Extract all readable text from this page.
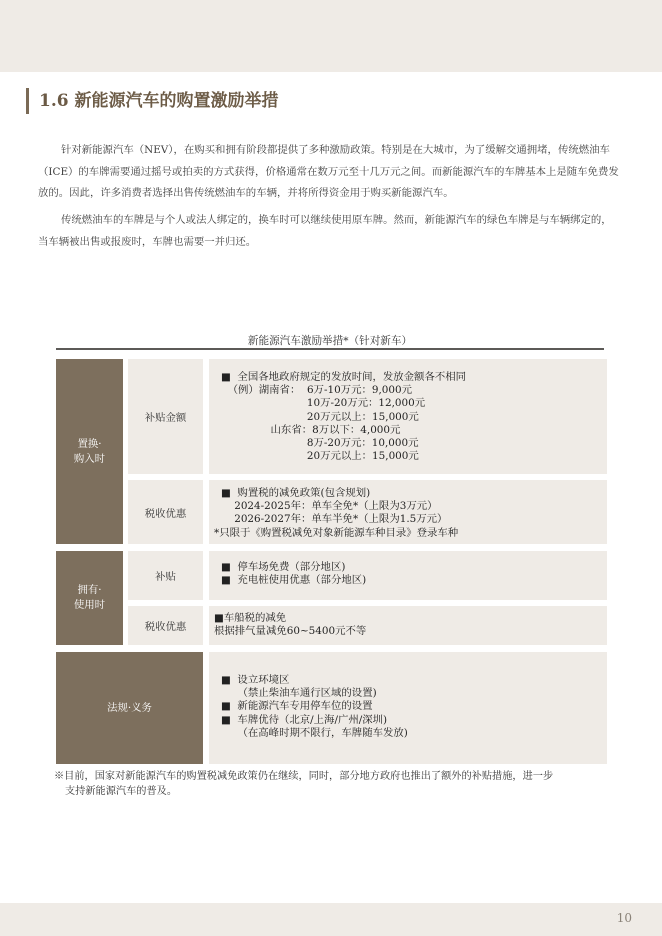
1.6 新能源汽车的购置激励举措
针对新能源汽车（NEV），在购买和拥有阶段都提供了多种激励政策。特别是在大城市，为了缓解交通拥堵，传统燃油车（ICE）的车牌需要通过摇号或拍卖的方式获得，价格通常在数万元至十几万元之间。而新能源汽车的车牌基本上是随车免费发放的。因此，许多消费者选择出售传统燃油车的车辆，并将所得资金用于购买新能源汽车。
传统燃油车的车牌是与个人或法人绑定的，换车时可以继续使用原车牌。然而，新能源汽车的绿色车牌是与车辆绑定的，当车辆被出售或报废时，车牌也需要一并归还。
新能源汽车激励举措*（针对新车）
置换·
购入时
补贴金额
■  全国各地政府规定的发放时间，发放金额各不相同
（例）湖南省：  6万-10万元：9,000元
10万-20万元：12,000元
20万元以上：15,000元
山东省：8万以下：4,000元
8万-20万元：10,000元
20万元以上：15,000元
税收优惠
■  购置税的减免政策(包含规划)
2024-2025年：单车全免*（上限为3万元）
2026-2027年：单车半免*（上限为1.5万元）
*只限于《购置税减免对象新能源车种目录》登录车种
拥有·
使用时
补贴
■  停车场免费（部分地区)
■  充电桩使用优惠（部分地区)
税收优惠
■车船税的减免
根据排气量减免60~5400元不等
法规·义务
■  设立环境区
（禁止柴油车通行区域的设置)
■  新能源汽车专用停车位的设置
■  车牌优待（北京/上海/广州/深圳)
（在高峰时期不限行，车牌随车发放)
※目前，国家对新能源汽车的购置税减免政策仍在继续，同时，部分地方政府也推出了额外的补贴措施，进一步
支持新能源汽车的普及。
10
